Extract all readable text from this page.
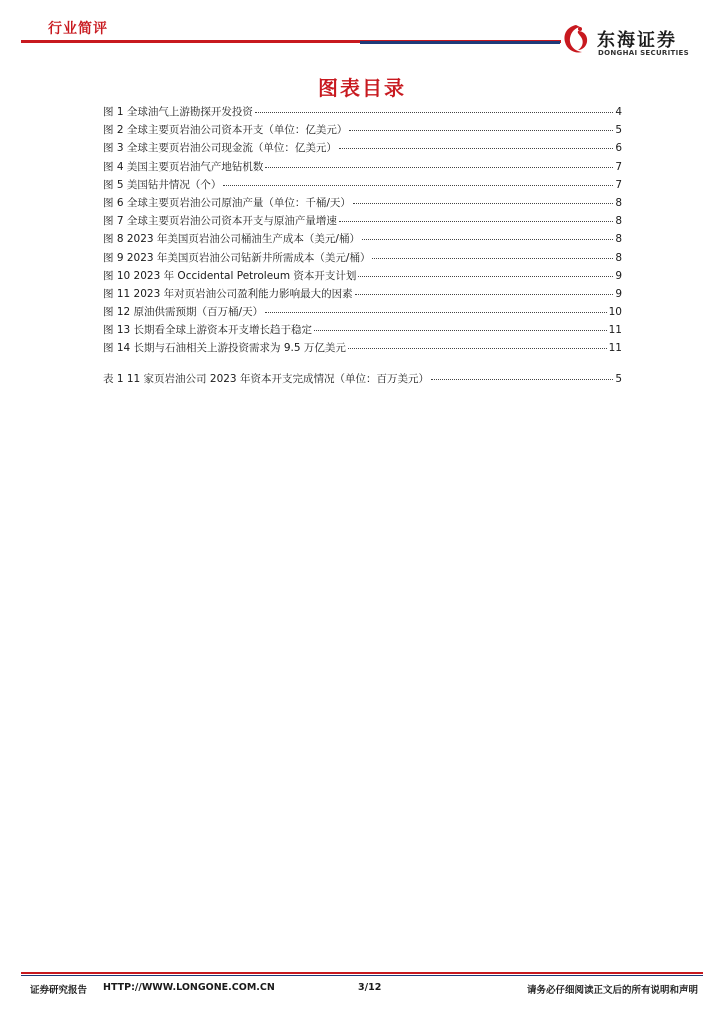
行业简评
东海证券
DONGHAI SECURITIES
图表目录
图 1 全球油气上游勘探开发投资	4
图 2 全球主要页岩油公司资本开支（单位：亿美元）	5
图 3 全球主要页岩油公司现金流（单位：亿美元）	6
图 4 美国主要页岩油气产地钻机数	7
图 5 美国钻井情况（个）	7
图 6 全球主要页岩油公司原油产量（单位：千桶/天）	8
图 7 全球主要页岩油公司资本开支与原油产量增速	8
图 8 2023 年美国页岩油公司桶油生产成本（美元/桶）	8
图 9 2023 年美国页岩油公司钻新井所需成本（美元/桶）	8
图 10 2023 年 Occidental Petroleum 资本开支计划	9
图 11 2023 年对页岩油公司盈利能力影响最大的因素	9
图 12 原油供需预期（百万桶/天）	10
图 13 长期看全球上游资本开支增长趋于稳定	11
图 14 长期与石油相关上游投资需求为 9.5 万亿美元	11
表 1 11 家页岩油公司 2023 年资本开支完成情况（单位：百万美元）	5
证券研究报告 HTTP://WWW.LONGONE.COM.CN	3/12	请务必仔细阅读正文后的所有说明和声明
